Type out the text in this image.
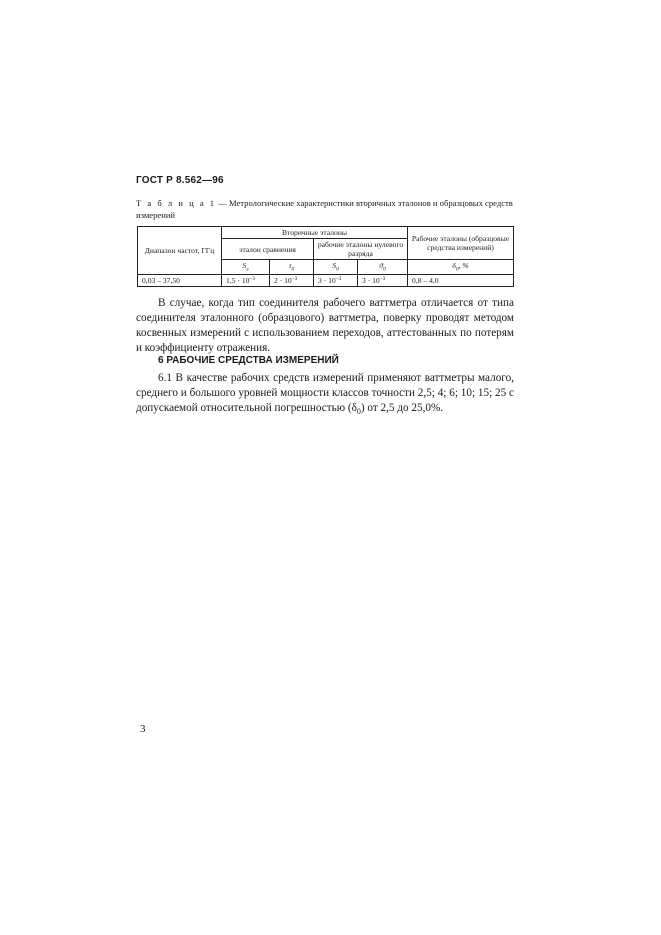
ГОСТ Р 8.562—96
Т а б л и ц а 1 — Метрологические характеристики вторичных эталонов и образцовых средств измерений
Диапазон частот, ГГц	Вторичные эталоны				Рабочие эталоны (образцовые средства измерений)
	эталон сравнения		рабочие эталоны нулевого разряда		
	$S_э$	$\tau_0$	$S_0$	$ϑ_0$	$\delta_0$, %
0,03 – 37,50	$1,5 \cdot 10^{-3}$	$2 \cdot 10^{-3}$	$3 \cdot 10^{-3}$	$3 \cdot 10^{-3}$	0,8 – 4,0

В случае, когда тип соединителя рабочего ваттметра отличается от типа соединителя эталонного (образцового) ваттметра, поверку проводят методом косвенных измерений с использованием переходов, аттестованных по потерям и коэффициенту отражения.

6 РАБОЧИЕ СРЕДСТВА ИЗМЕРЕНИЙ

6.1 В качестве рабочих средств измерений применяют ваттметры малого, среднего и большого уровней мощности классов точности 2,5; 4; 6; 10; 15; 25 с допускаемой относительной погрешностью $(\delta_0)$ от 2,5 до 25,0%.

3
